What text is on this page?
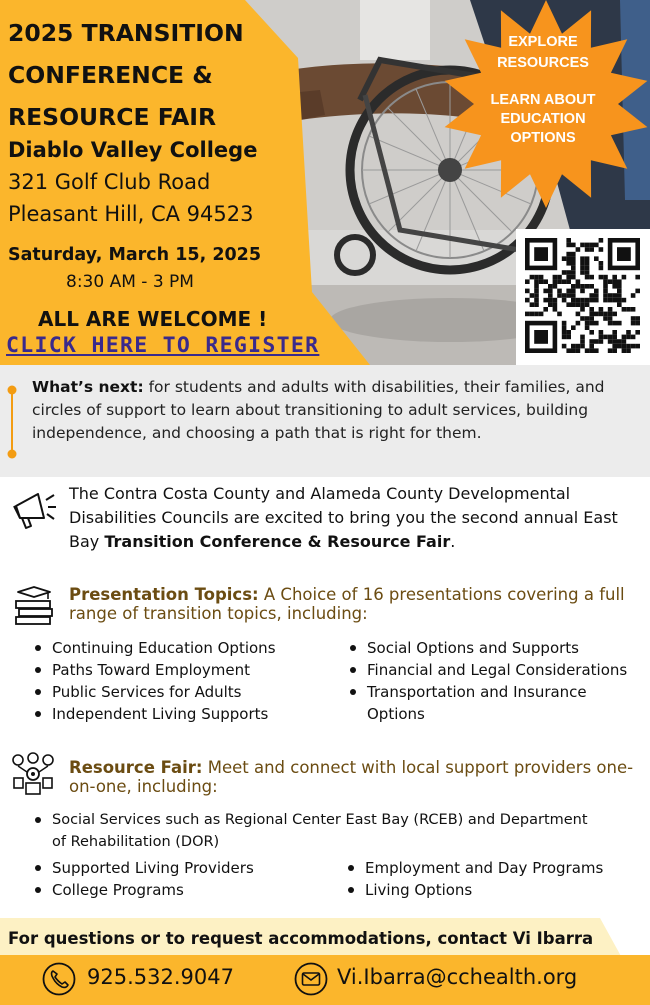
2025 TRANSITION
CONFERENCE &
RESOURCE FAIR
Diablo Valley College
321 Golf Club Road
Pleasant Hill, CA 94523
Saturday, March 15, 2025
8:30 AM - 3 PM
ALL ARE WELCOME !
CLICK HERE TO REGISTER
EXPLORE RESOURCES
LEARN ABOUT EDUCATION OPTIONS
What’s next: for students and adults with disabilities, their families, and circles of support to learn about transitioning to adult services, building independence, and choosing a path that is right for them.
The Contra Costa County and Alameda County Developmental Disabilities Councils are excited to bring you the second annual East Bay Transition Conference & Resource Fair.
Presentation Topics: A Choice of 16 presentations covering a full range of transition topics, including:
Continuing Education Options
Paths Toward Employment
Public Services for Adults
Independent Living Supports
Social Options and Supports
Financial and Legal Considerations
Transportation and Insurance Options
Resource Fair: Meet and connect with local support providers one-on-one, including:
Social Services such as Regional Center East Bay (RCEB) and Department of Rehabilitation (DOR)
Supported Living Providers
College Programs
Employment and Day Programs
Living Options
For questions or to request accommodations, contact Vi Ibarra
925.532.9047	Vi.Ibarra@cchealth.org
